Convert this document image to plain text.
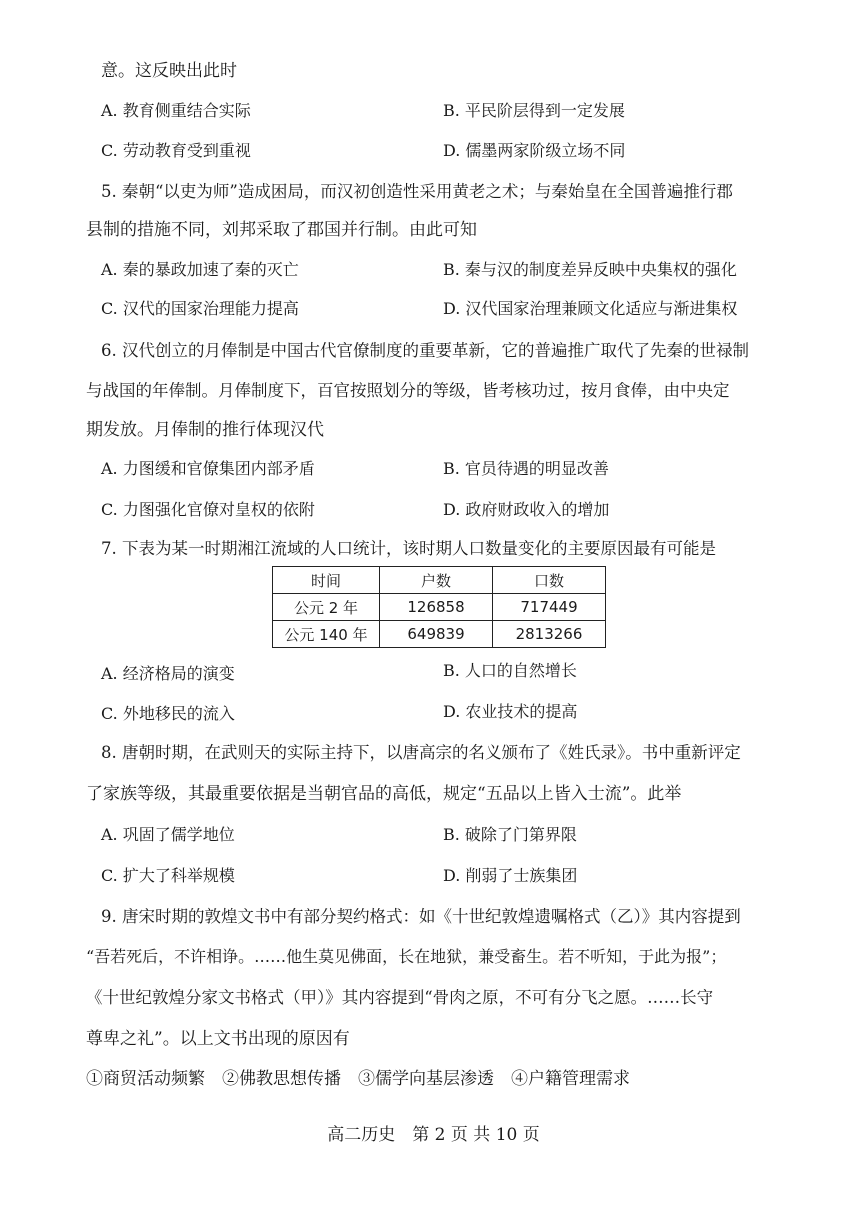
意。这反映出此时
A. 教育侧重结合实际	B. 平民阶层得到一定发展
C. 劳动教育受到重视	D. 儒墨两家阶级立场不同
5. 秦朝“以吏为师”造成困局，而汉初创造性采用黄老之术；与秦始皇在全国普遍推行郡
县制的措施不同，刘邦采取了郡国并行制。由此可知
A. 秦的暴政加速了秦的灭亡	B. 秦与汉的制度差异反映中央集权的强化
C. 汉代的国家治理能力提高	D. 汉代国家治理兼顾文化适应与渐进集权
6. 汉代创立的月俸制是中国古代官僚制度的重要革新，它的普遍推广取代了先秦的世禄制
与战国的年俸制。月俸制度下，百官按照划分的等级，皆考核功过，按月食俸，由中央定
期发放。月俸制的推行体现汉代
A. 力图缓和官僚集团内部矛盾	B. 官员待遇的明显改善
C. 力图强化官僚对皇权的依附	D. 政府财政收入的增加
7. 下表为某一时期湘江流域的人口统计，该时期人口数量变化的主要原因最有可能是
时间	户数	口数
公元 2 年	126858	717449
公元 140 年	649839	2813266
A. 经济格局的演变	B. 人口的自然增长
C. 外地移民的流入	D. 农业技术的提高
8. 唐朝时期，在武则天的实际主持下，以唐高宗的名义颁布了《姓氏录》。书中重新评定
了家族等级，其最重要依据是当朝官品的高低，规定“五品以上皆入士流”。此举
A. 巩固了儒学地位	B. 破除了门第界限
C. 扩大了科举规模	D. 削弱了士族集团
9. 唐宋时期的敦煌文书中有部分契约格式：如《十世纪敦煌遗嘱格式（乙）》其内容提到
“吾若死后，不许相诤。……他生莫见佛面，长在地狱，兼受畜生。若不听知，于此为报”；
《十世纪敦煌分家文书格式（甲）》其内容提到“骨肉之原，不可有分飞之愿。……长守
尊卑之礼”。以上文书出现的原因有
①商贸活动频繁　②佛教思想传播　③儒学向基层渗透　④户籍管理需求
高二历史　第 2 页 共 10 页
